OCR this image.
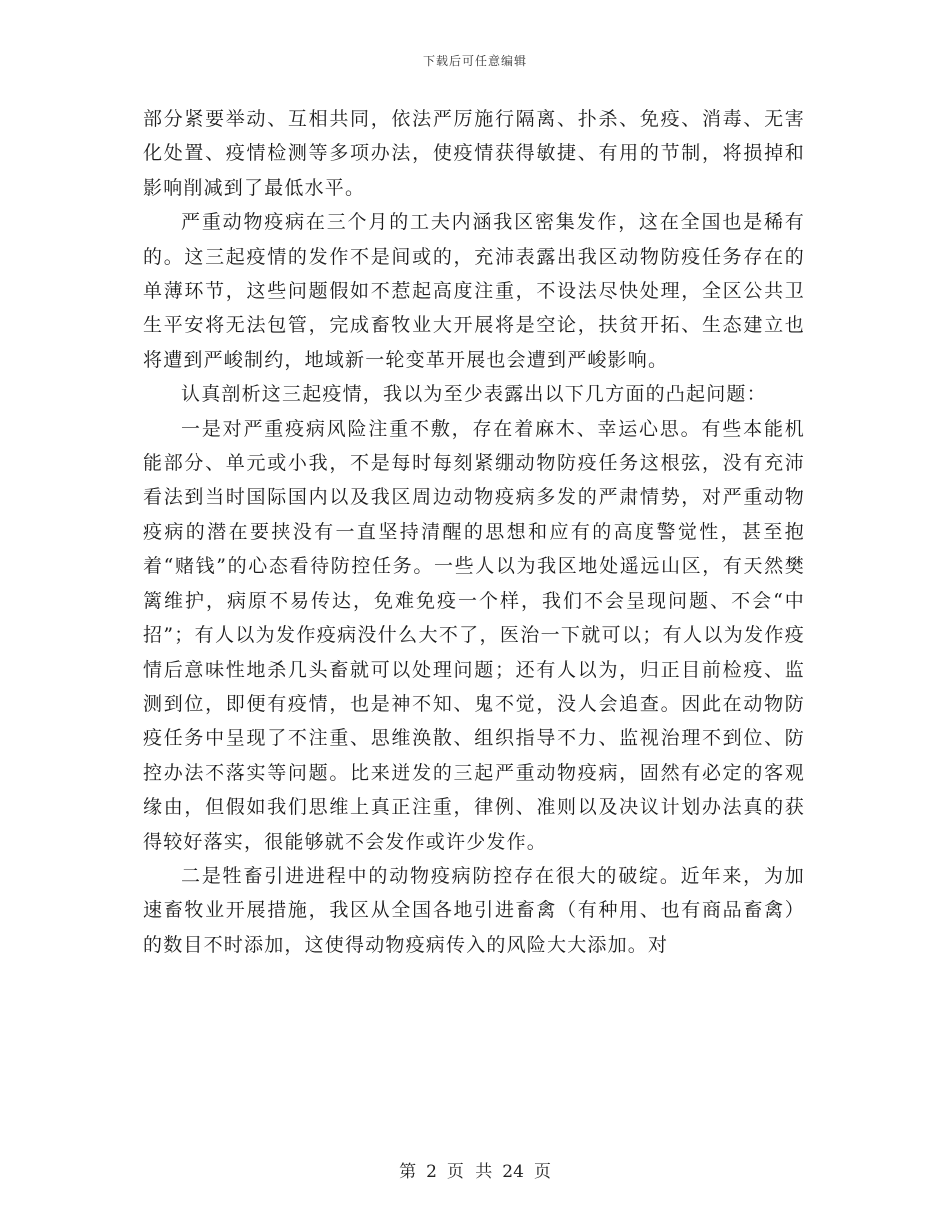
下载后可任意编辑

部分紧要举动、互相共同，依法严厉施行隔离、扑杀、免疫、消毒、无害化处置、疫情检测等多项办法，使疫情获得敏捷、有用的节制，将损掉和影响削减到了最低水平。

严重动物疫病在三个月的工夫内涵我区密集发作，这在全国也是稀有的。这三起疫情的发作不是间或的，充沛表露出我区动物防疫任务存在的单薄环节，这些问题假如不惹起高度注重，不设法尽快处理，全区公共卫生平安将无法包管，完成畜牧业大开展将是空论，扶贫开拓、生态建立也将遭到严峻制约，地域新一轮变革开展也会遭到严峻影响。

认真剖析这三起疫情，我以为至少表露出以下几方面的凸起问题：

一是对严重疫病风险注重不敷，存在着麻木、幸运心思。有些本能机能部分、单元或小我，不是每时每刻紧绷动物防疫任务这根弦，没有充沛看法到当时国际国内以及我区周边动物疫病多发的严肃情势，对严重动物疫病的潜在要挟没有一直坚持清醒的思想和应有的高度警觉性，甚至抱着“赌钱”的心态看待防控任务。一些人以为我区地处遥远山区，有天然樊篱维护，病原不易传达，免难免疫一个样，我们不会呈现问题、不会“中招”；有人以为发作疫病没什么大不了，医治一下就可以；有人以为发作疫情后意味性地杀几头畜就可以处理问题；还有人以为，归正目前检疫、监测到位，即便有疫情，也是神不知、鬼不觉，没人会追查。因此在动物防疫任务中呈现了不注重、思维涣散、组织指导不力、监视治理不到位、防控办法不落实等问题。比来迸发的三起严重动物疫病，固然有必定的客观缘由，但假如我们思维上真正注重，律例、准则以及决议计划办法真的获得较好落实，很能够就不会发作或许少发作。

二是牲畜引进进程中的动物疫病防控存在很大的破绽。近年来，为加速畜牧业开展措施，我区从全国各地引进畜禽（有种用、也有商品畜禽）的数目不时添加，这使得动物疫病传入的风险大大添加。对

第 2 页 共 24 页
